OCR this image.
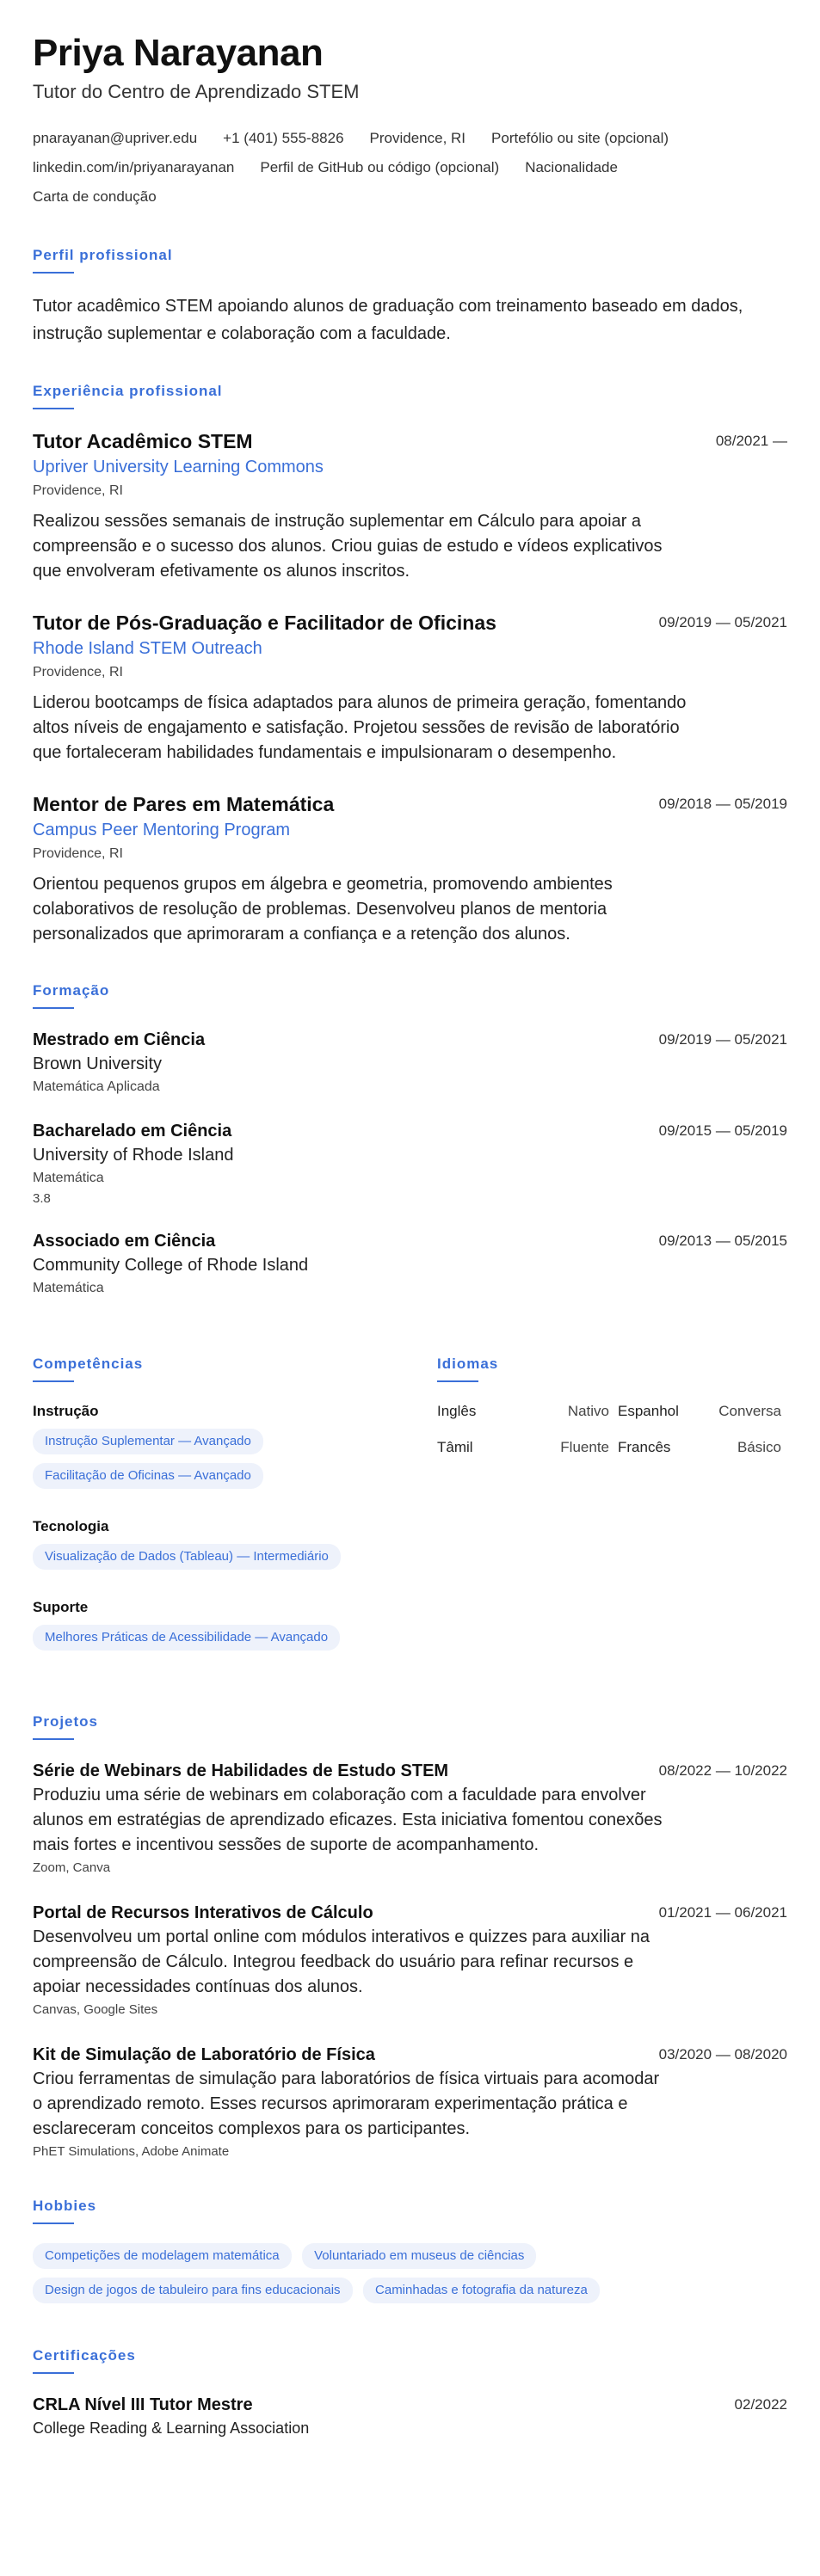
Priya Narayanan
Tutor do Centro de Aprendizado STEM
pnarayanan@upriver.edu +1 (401) 555-8826 Providence, RI Portefólio ou site (opcional)
linkedin.com/in/priyanarayanan Perfil de GitHub ou código (opcional) Nacionalidade
Carta de condução
Perfil profissional
Tutor acadêmico STEM apoiando alunos de graduação com treinamento baseado em dados, instrução suplementar e colaboração com a faculdade.
Experiência profissional
Tutor Acadêmico STEM
Upriver University Learning Commons
Providence, RI
08/2021 —
Realizou sessões semanais de instrução suplementar em Cálculo para apoiar a compreensão e o sucesso dos alunos. Criou guias de estudo e vídeos explicativos que envolveram efetivamente os alunos inscritos.
Tutor de Pós-Graduação e Facilitador de Oficinas
Rhode Island STEM Outreach
Providence, RI
09/2019 — 05/2021
Liderou bootcamps de física adaptados para alunos de primeira geração, fomentando altos níveis de engajamento e satisfação. Projetou sessões de revisão de laboratório que fortaleceram habilidades fundamentais e impulsionaram o desempenho.
Mentor de Pares em Matemática
Campus Peer Mentoring Program
Providence, RI
09/2018 — 05/2019
Orientou pequenos grupos em álgebra e geometria, promovendo ambientes colaborativos de resolução de problemas. Desenvolveu planos de mentoria personalizados que aprimoraram a confiança e a retenção dos alunos.
Formação
Mestrado em Ciência
Brown University
Matemática Aplicada
09/2019 — 05/2021
Bacharelado em Ciência
University of Rhode Island
Matemática
3.8
09/2015 — 05/2019
Associado em Ciência
Community College of Rhode Island
Matemática
09/2013 — 05/2015
Competências
Instrução
Instrução Suplementar — Avançado
Facilitação de Oficinas — Avançado
Tecnologia
Visualização de Dados (Tableau) — Intermediário
Suporte
Melhores Práticas de Acessibilidade — Avançado
Idiomas
Inglês	Nativo Espanhol	Conversa
Tâmil	Fluente Francês	Básico
Projetos
Série de Webinars de Habilidades de Estudo STEM	08/2022 — 10/2022
Produziu uma série de webinars em colaboração com a faculdade para envolver alunos em estratégias de aprendizado eficazes. Esta iniciativa fomentou conexões mais fortes e incentivou sessões de suporte de acompanhamento.
Zoom, Canva
Portal de Recursos Interativos de Cálculo	01/2021 — 06/2021
Desenvolveu um portal online com módulos interativos e quizzes para auxiliar na compreensão de Cálculo. Integrou feedback do usuário para refinar recursos e apoiar necessidades contínuas dos alunos.
Canvas, Google Sites
Kit de Simulação de Laboratório de Física	03/2020 — 08/2020
Criou ferramentas de simulação para laboratórios de física virtuais para acomodar o aprendizado remoto. Esses recursos aprimoraram experimentação prática e esclareceram conceitos complexos para os participantes.
PhET Simulations, Adobe Animate
Hobbies
Competições de modelagem matemática	Voluntariado em museus de ciências
Design de jogos de tabuleiro para fins educacionais	Caminhadas e fotografia da natureza
Certificações
CRLA Nível III Tutor Mestre
College Reading & Learning Association
02/2022
